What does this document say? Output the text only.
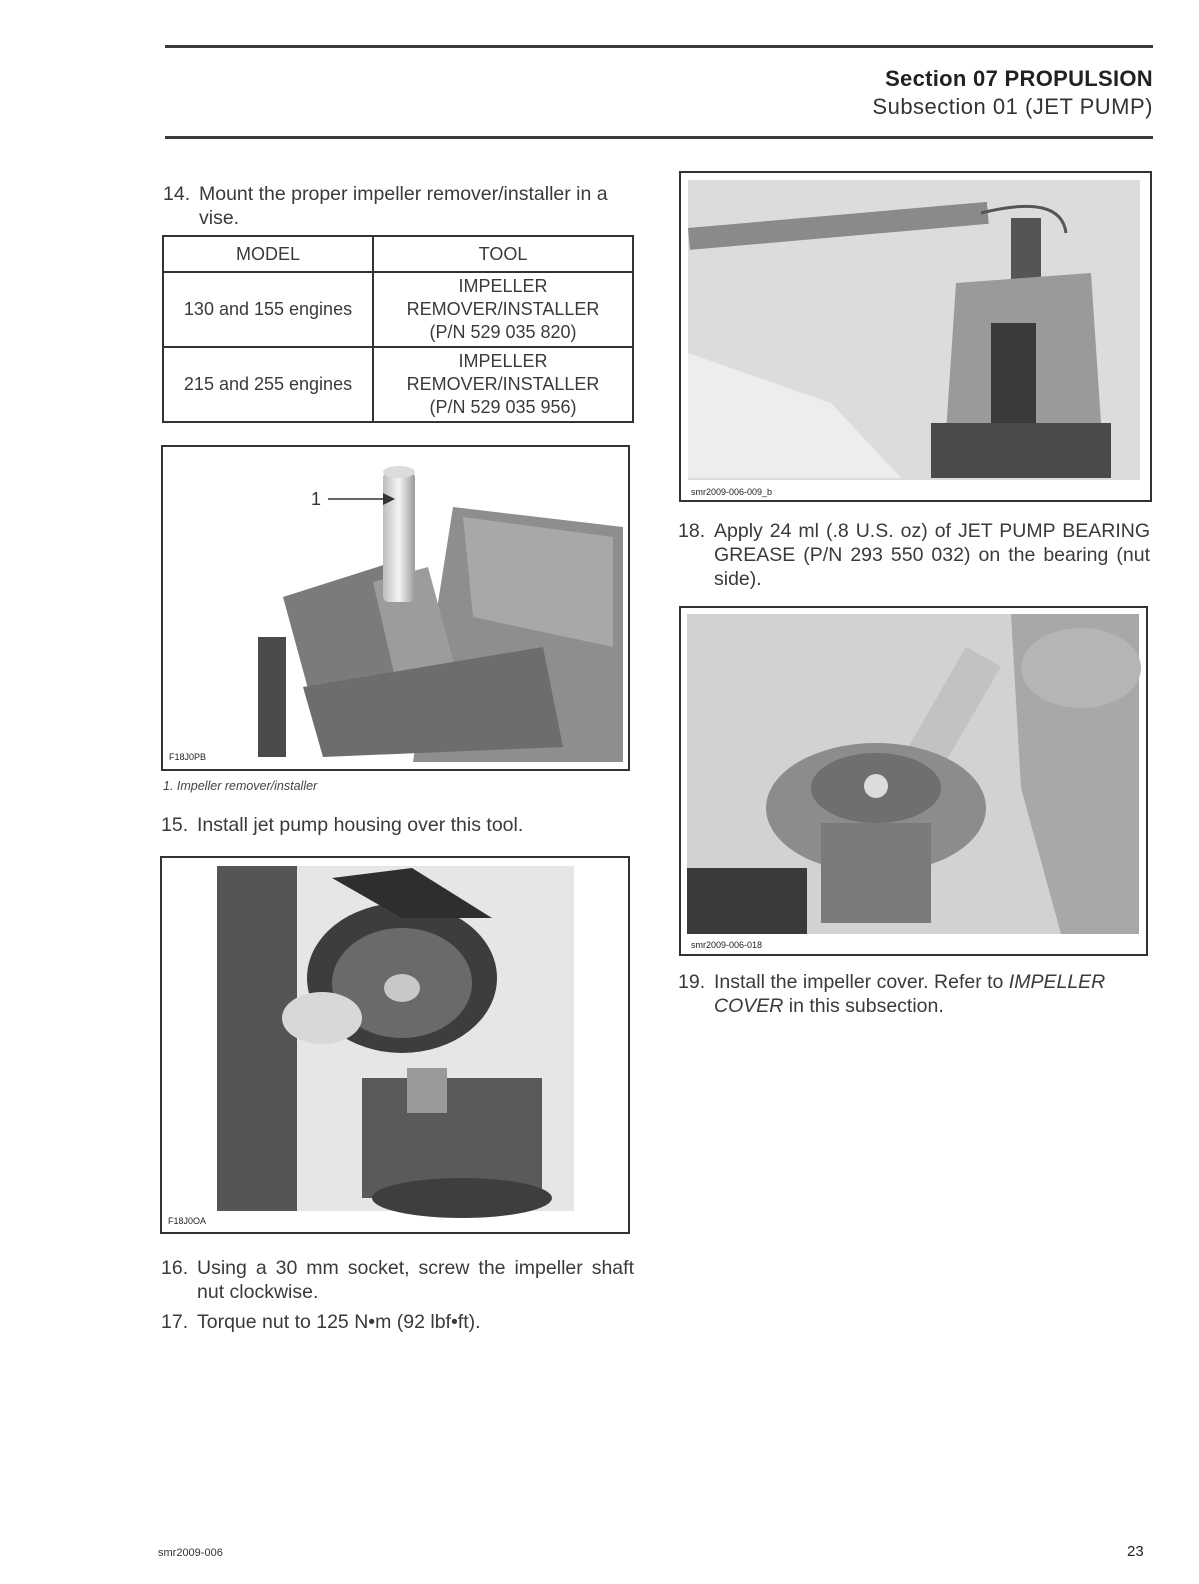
Section 07 PROPULSION
Subsection 01 (JET PUMP)
14. Mount the proper impeller remover/installer in a vise.
MODEL	TOOL
130 and 155 engines	IMPELLER
REMOVER/INSTALLER
(P/N 529 035 820)

215 and 255 engines	IMPELLER
REMOVER/INSTALLER
(P/N 529 035 956)
F18J0PB
1
1. Impeller remover/installer
15. Install jet pump housing over this tool.
F18J0OA
16. Using a 30 mm socket, screw the impeller shaft nut clockwise.
17. Torque nut to 125 N•m (92 lbf•ft).
smr2009-006-009_b
18. Apply 24 ml (.8 U.S. oz) of JET PUMP BEARING GREASE (P/N 293 550 032) on the bearing (nut side).
smr2009-006-018
19. Install the impeller cover. Refer to IMPELLER COVER in this subsection.
smr2009-006	23
